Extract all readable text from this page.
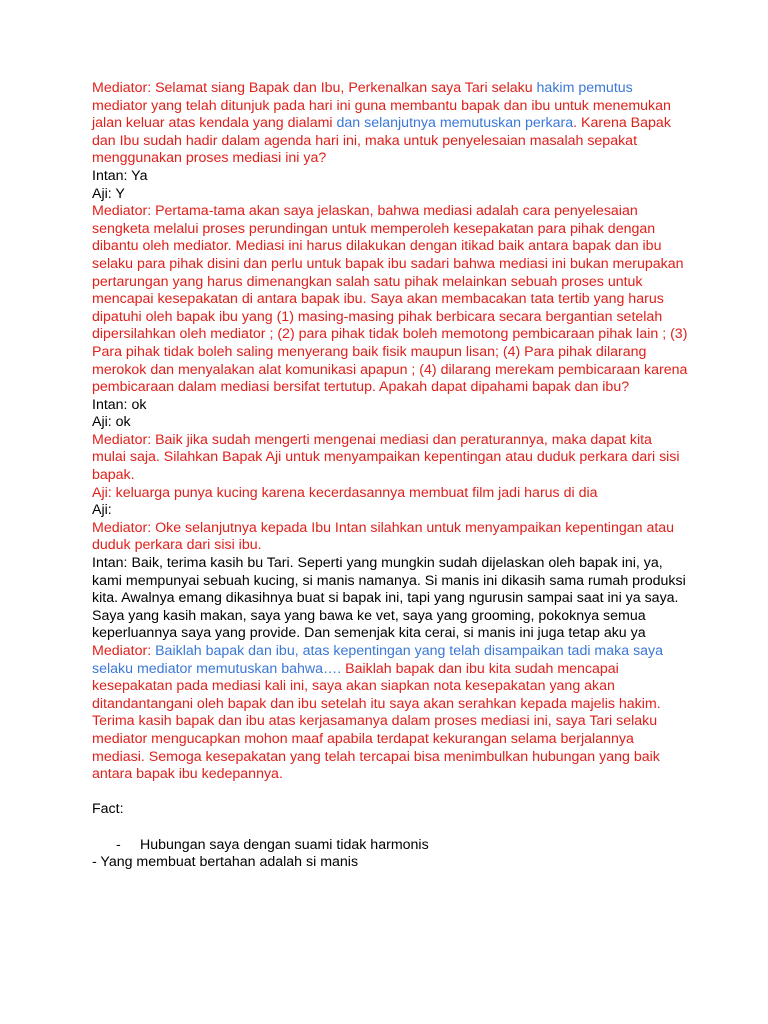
Mediator: Selamat siang Bapak dan Ibu, Perkenalkan saya Tari selaku hakim pemutus mediator yang telah ditunjuk pada hari ini guna membantu bapak dan ibu untuk menemukan jalan keluar atas kendala yang dialami dan selanjutnya memutuskan perkara. Karena Bapak dan Ibu sudah hadir dalam agenda hari ini, maka untuk penyelesaian masalah sepakat menggunakan proses mediasi ini ya?

Intan: Ya

Aji: Y

Mediator: Pertama-tama akan saya jelaskan, bahwa mediasi adalah cara penyelesaian sengketa melalui proses perundingan untuk memperoleh kesepakatan para pihak dengan dibantu oleh mediator. Mediasi ini harus dilakukan dengan itikad baik antara bapak dan ibu selaku para pihak disini dan perlu untuk bapak ibu sadari bahwa mediasi ini bukan merupakan pertarungan yang harus dimenangkan salah satu pihak melainkan sebuah proses untuk mencapai kesepakatan di antara bapak ibu. Saya akan membacakan tata tertib yang harus dipatuhi oleh bapak ibu yang (1) masing-masing pihak berbicara secara bergantian setelah dipersilahkan oleh mediator ; (2) para pihak tidak boleh memotong pembicaraan pihak lain ; (3) Para pihak tidak boleh saling menyerang baik fisik maupun lisan; (4) Para pihak dilarang merokok dan menyalakan alat komunikasi apapun ; (4) dilarang merekam pembicaraan karena pembicaraan dalam mediasi bersifat tertutup. Apakah dapat dipahami bapak dan ibu?

Intan: ok

Aji: ok

Mediator: Baik jika sudah mengerti mengenai mediasi dan peraturannya, maka dapat kita mulai saja. Silahkan Bapak Aji untuk menyampaikan kepentingan atau duduk perkara dari sisi bapak.

Aji: keluarga punya kucing karena kecerdasannya membuat film jadi harus di dia

Aji:

Mediator: Oke selanjutnya kepada Ibu Intan silahkan untuk menyampaikan kepentingan atau duduk perkara dari sisi ibu.

Intan: Baik, terima kasih bu Tari. Seperti yang mungkin sudah dijelaskan oleh bapak ini, ya, kami mempunyai sebuah kucing, si manis namanya. Si manis ini dikasih sama rumah produksi kita. Awalnya emang dikasihnya buat si bapak ini, tapi yang ngurusin sampai saat ini ya saya. Saya yang kasih makan, saya yang bawa ke vet, saya yang grooming, pokoknya semua keperluannya saya yang provide. Dan semenjak kita cerai, si manis ini juga tetap aku ya

Mediator: Baiklah bapak dan ibu, atas kepentingan yang telah disampaikan tadi maka saya selaku mediator memutuskan bahwa…. Baiklah bapak dan ibu kita sudah mencapai kesepakatan pada mediasi kali ini, saya akan siapkan nota kesepakatan yang akan ditandantangani oleh bapak dan ibu setelah itu saya akan serahkan kepada majelis hakim. Terima kasih bapak dan ibu atas kerjasamanya dalam proses mediasi ini, saya Tari selaku mediator mengucapkan mohon maaf apabila terdapat kekurangan selama berjalannya mediasi. Semoga kesepakatan yang telah tercapai bisa menimbulkan hubungan yang baik antara bapak ibu kedepannya.

Fact:

- Hubungan saya dengan suami tidak harmonis

- Yang membuat bertahan adalah si manis
